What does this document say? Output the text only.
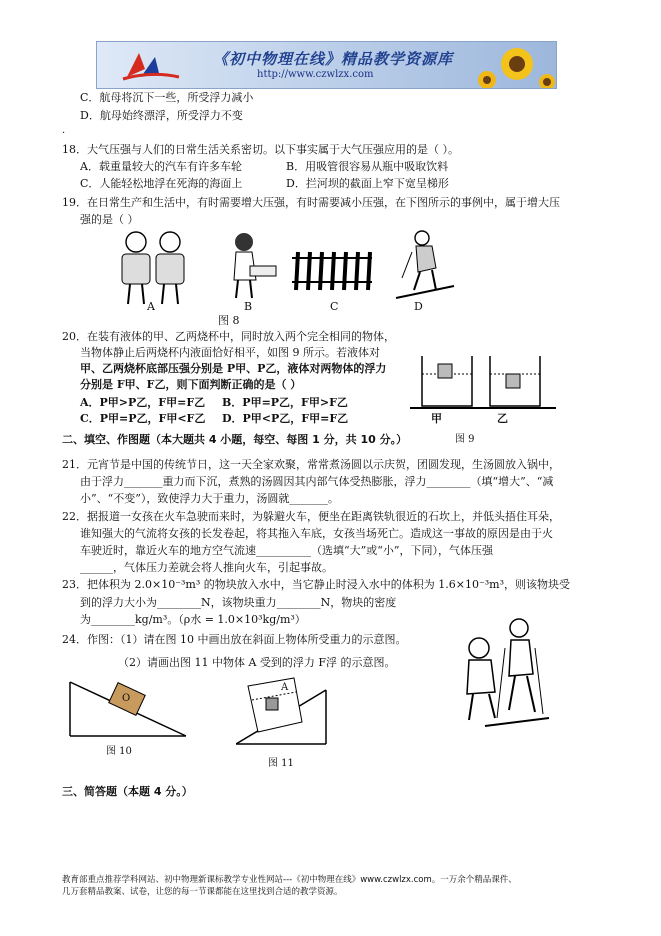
《初中物理在线》精品教学资源库
http://www.czwlzx.com
C．航母将沉下一些，所受浮力减小
D．航母始终漂浮，所受浮力不变
.
18．大气压强与人们的日常生活关系密切。以下事实属于大气压强应用的是（ ）。
A．载重量较大的汽车有许多车轮	B．用吸管很容易从瓶中吸取饮料
C．人能轻松地浮在死海的海面上	D．拦河坝的截面上窄下宽呈梯形
19．在日常生产和生活中，有时需要增大压强，有时需要减小压强，在下图所示的事例中，属于增大压
强的是（ ）
A	B	C	D
图 8
20．在装有液体的甲、乙两烧杯中，同时放入两个完全相同的物体，
当物体静止后两烧杯内液面恰好相平，如图 9 所示。若液体对
甲、乙两烧杯底部压强分别是 P甲、P乙，液体对两物体的浮力
分别是 F甲、F乙，则下面判断正确的是（ ）
A．P甲>P乙，F甲=F乙 B．P甲=P乙，F甲>F乙
C．P甲=P乙，F甲<F乙 D．P甲<P乙，F甲=F乙	甲	乙
图 9
二、填空、作图题（本大题共 4 小题，每空、每图 1 分，共 10 分。）
21．元宵节是中国的传统节日，这一天全家欢聚，常常煮汤圆以示庆贺，团圆发现，生汤圆放入锅中，
由于浮力_______重力而下沉，煮熟的汤圆因其内部气体受热膨胀，浮力________（填“增大”、“减
小”、“不变”），致使浮力大于重力，汤圆就_______。
22．据报道一女孩在火车急驶而来时，为躲避火车，便坐在距离铁轨很近的石坎上，并低头捂住耳朵，
谁知强大的气流将女孩的长发卷起，将其拖入车底，女孩当场死亡。造成这一事故的原因是由于火
车驶近时，靠近火车的地方空气流速__________（选填“大”或“小”，下同），气体压强
______，气体压力差就会将人推向火车，引起事故。
23．把体积为 2.0×10⁻³m³ 的物块放入水中，当它静止时浸入水中的体积为 1.6×10⁻³m³，则该物块受
到的浮力大小为________N，该物块重力________N，物块的密度
为________kg/m³。（ρ水 = 1.0×10³kg/m³）
24．作图：（1）请在图 10 中画出放在斜面上物体所受重力的示意图。
（2）请画出图 11 中物体 A 受到的浮力 F浮 的示意图。
O
图 10
A
图 11
三、简答题（本题 4 分。）
教育部重点推荐学科网站、初中物理新课标教学专业性网站---《初中物理在线》www.czwlzx.com。一万余个精品课件、
几万套精品教案、试卷，让您的每一节课都能在这里找到合适的教学资源。
